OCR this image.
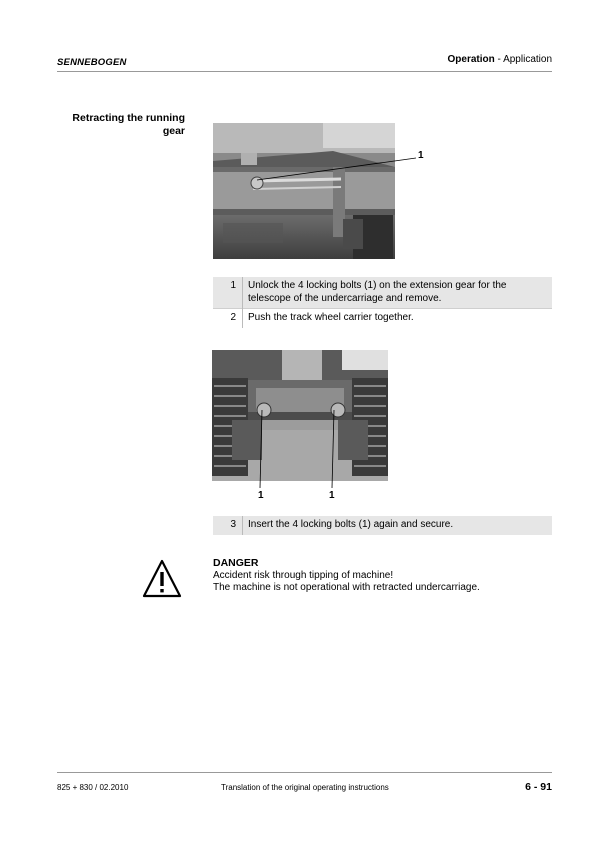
SENNEBOGEN	Operation - Application
Retracting the running
gear
1
1	Unlock the 4 locking bolts (1) on the extension gear for the telescope of the undercarriage and remove.
2	Push the track wheel carrier together.
1	1
3	Insert the 4 locking bolts (1) again and secure.
DANGER
Accident risk through tipping of machine!
The machine is not operational with retracted undercarriage.
825 + 830 / 02.2010	Translation of the original operating instructions	6 - 91
